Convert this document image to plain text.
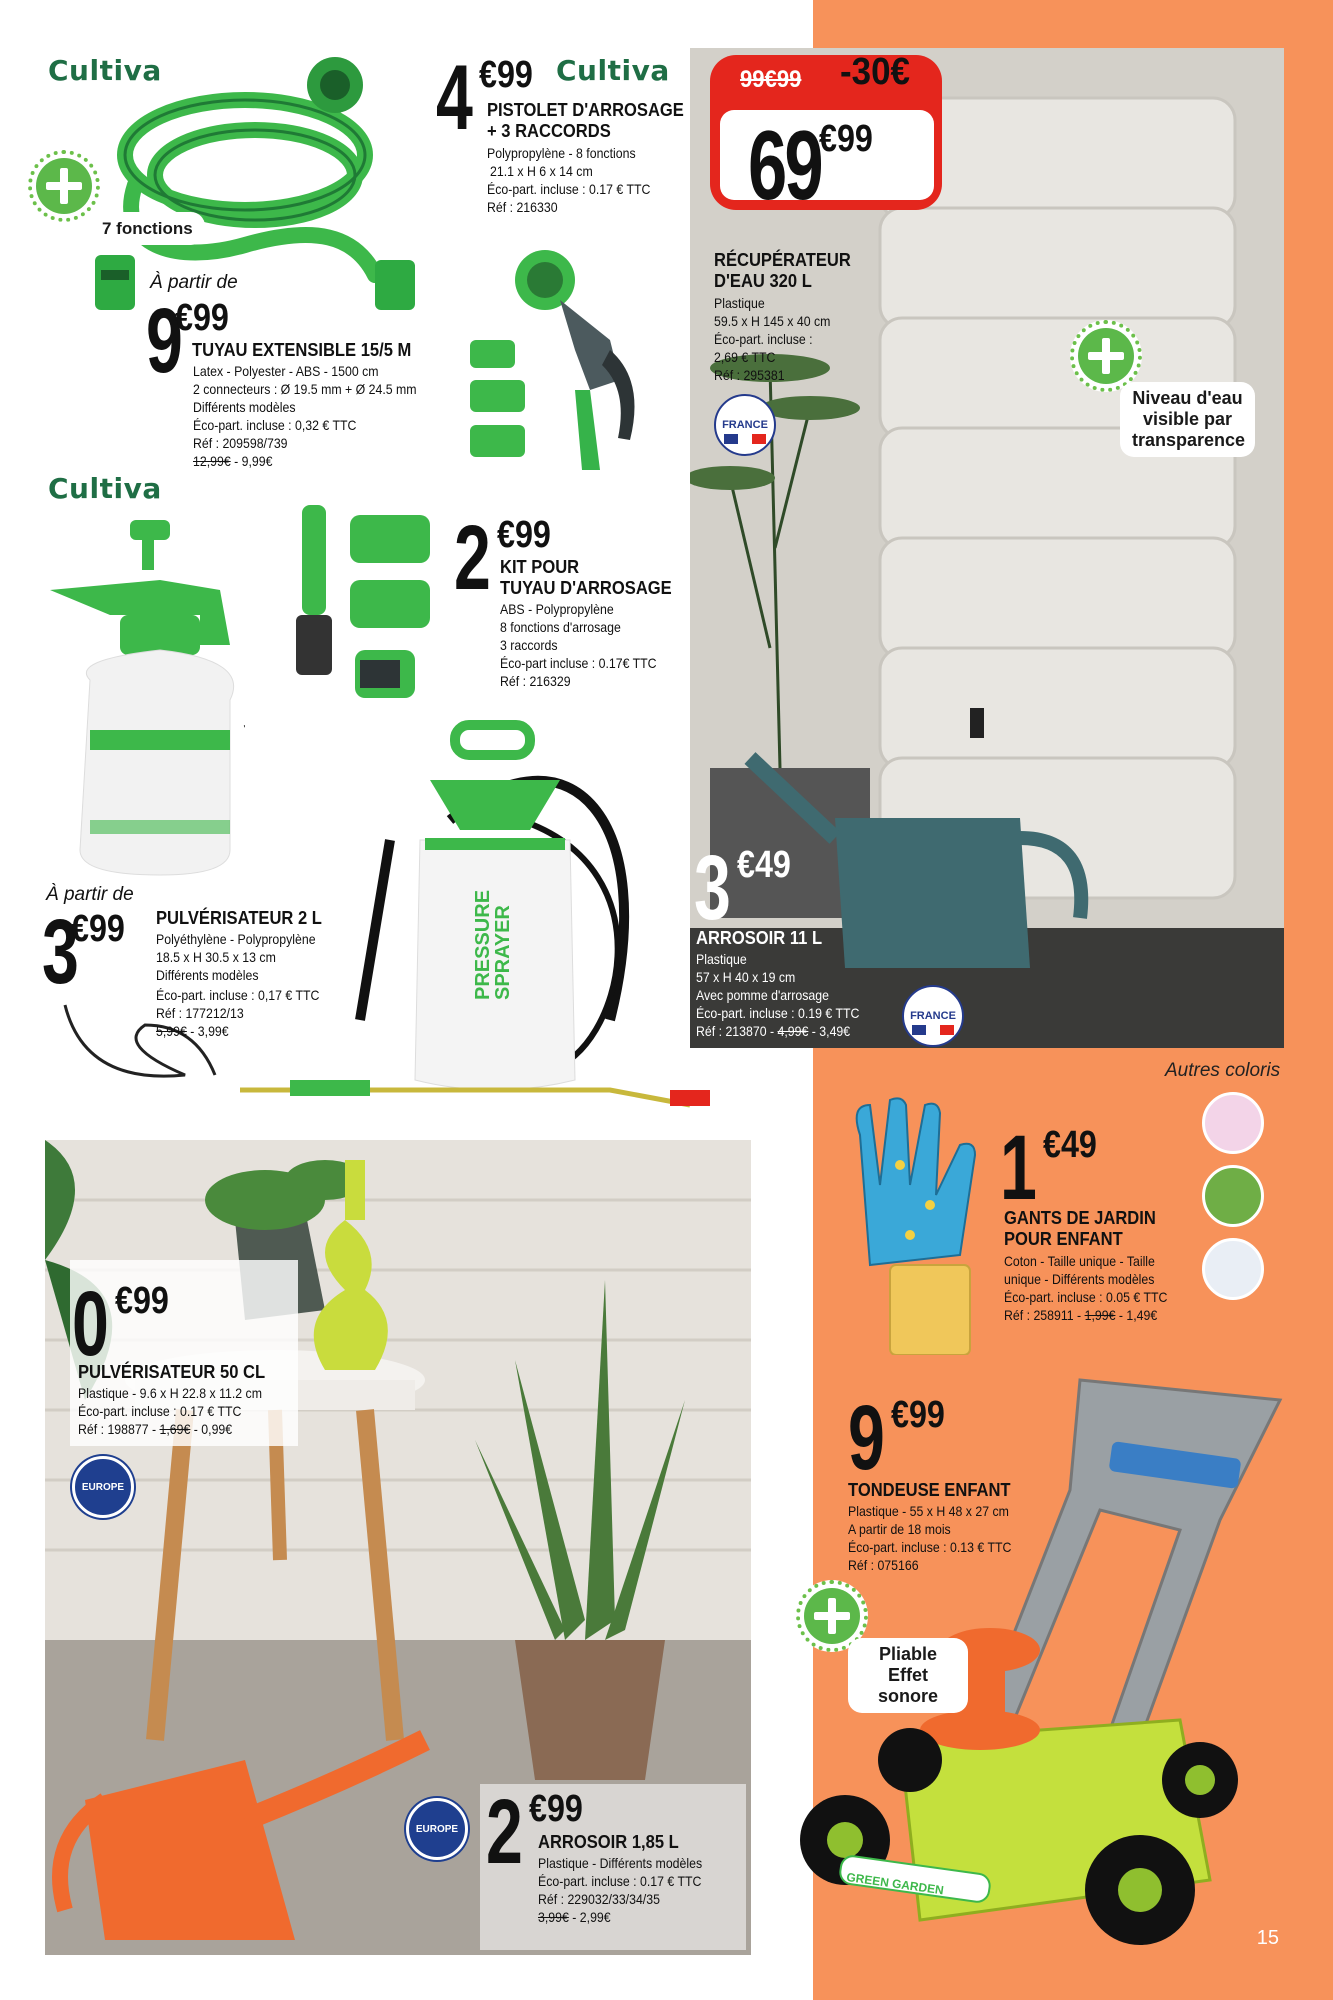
Cultiva
7 fonctions
À partir de
9
€99
TUYAU EXTENSIBLE 15/5 M
Latex - Polyester - ABS - 1500 cm
2 connecteurs : Ø 19.5 mm + Ø 24.5 mm
Différents modèles
Éco-part. incluse : 0,32 € TTC
Réf : 209598/739
12,99€ - 9,99€
4 €99 Cultiva
PISTOLET D'ARROSAGE
+ 3 RACCORDS
Polypropylène - 8 fonctions
21.1 x H 6 x 14 cm
Éco-part. incluse : 0.17 € TTC
Réf : 216330
99€99 -30€
69
€99
RÉCUPÉRATEUR
D'EAU 320 L
Plastique
59.5 x H 145 x 40 cm
Éco-part. incluse :
2,69 € TTC
Réf : 295381
FRANCE
Niveau d'eau
visible par
transparence
Cultiva
2 €99
KIT POUR
TUYAU D'ARROSAGE
ABS - Polypropylène
8 fonctions d'arrosage
3 raccords
Éco-part incluse : 0.17€ TTC
Réf : 216329
À partir de
3
€99 PULVÉRISATEUR 2 L
Polyéthylène - Polypropylène
18.5 x H 30.5 x 13 cm
Différents modèles
Éco-part. incluse : 0,17 € TTC
Réf : 177212/13
5,99€ - 3,99€
PRESSURE SPRAYER
3 €49
ARROSOIR 11 L
Plastique
57 x H 40 x 19 cm
Avec pomme d'arrosage
Éco-part. incluse : 0.19 € TTC
Réf : 213870 - 4,99€ - 3,49€
FRANCE
Autres coloris
1 €49
GANTS DE JARDIN
POUR ENFANT
Coton - Taille unique - Taille
unique - Différents modèles
Éco-part. incluse : 0.05 € TTC
Réf : 258911 - 1,99€ - 1,49€
9 €99
TONDEUSE ENFANT
Plastique - 55 x H 48 x 27 cm
A partir de 18 mois
Éco-part. incluse : 0.13 € TTC
Réf : 075166
GREEN GARDEN
Pliable
Effet sonore
0 €99
PULVÉRISATEUR 50 CL
Plastique - 9.6 x H 22.8 x 11.2 cm
Éco-part. incluse : 0.17 € TTC
Réf : 198877 - 1,69€ - 0,99€
EUROPE
EUROPE 2 €99
ARROSOIR 1,85 L
Plastique - Différents modèles
Éco-part. incluse : 0.17 € TTC
Réf : 229032/33/34/35
3,99€ - 2,99€
15
